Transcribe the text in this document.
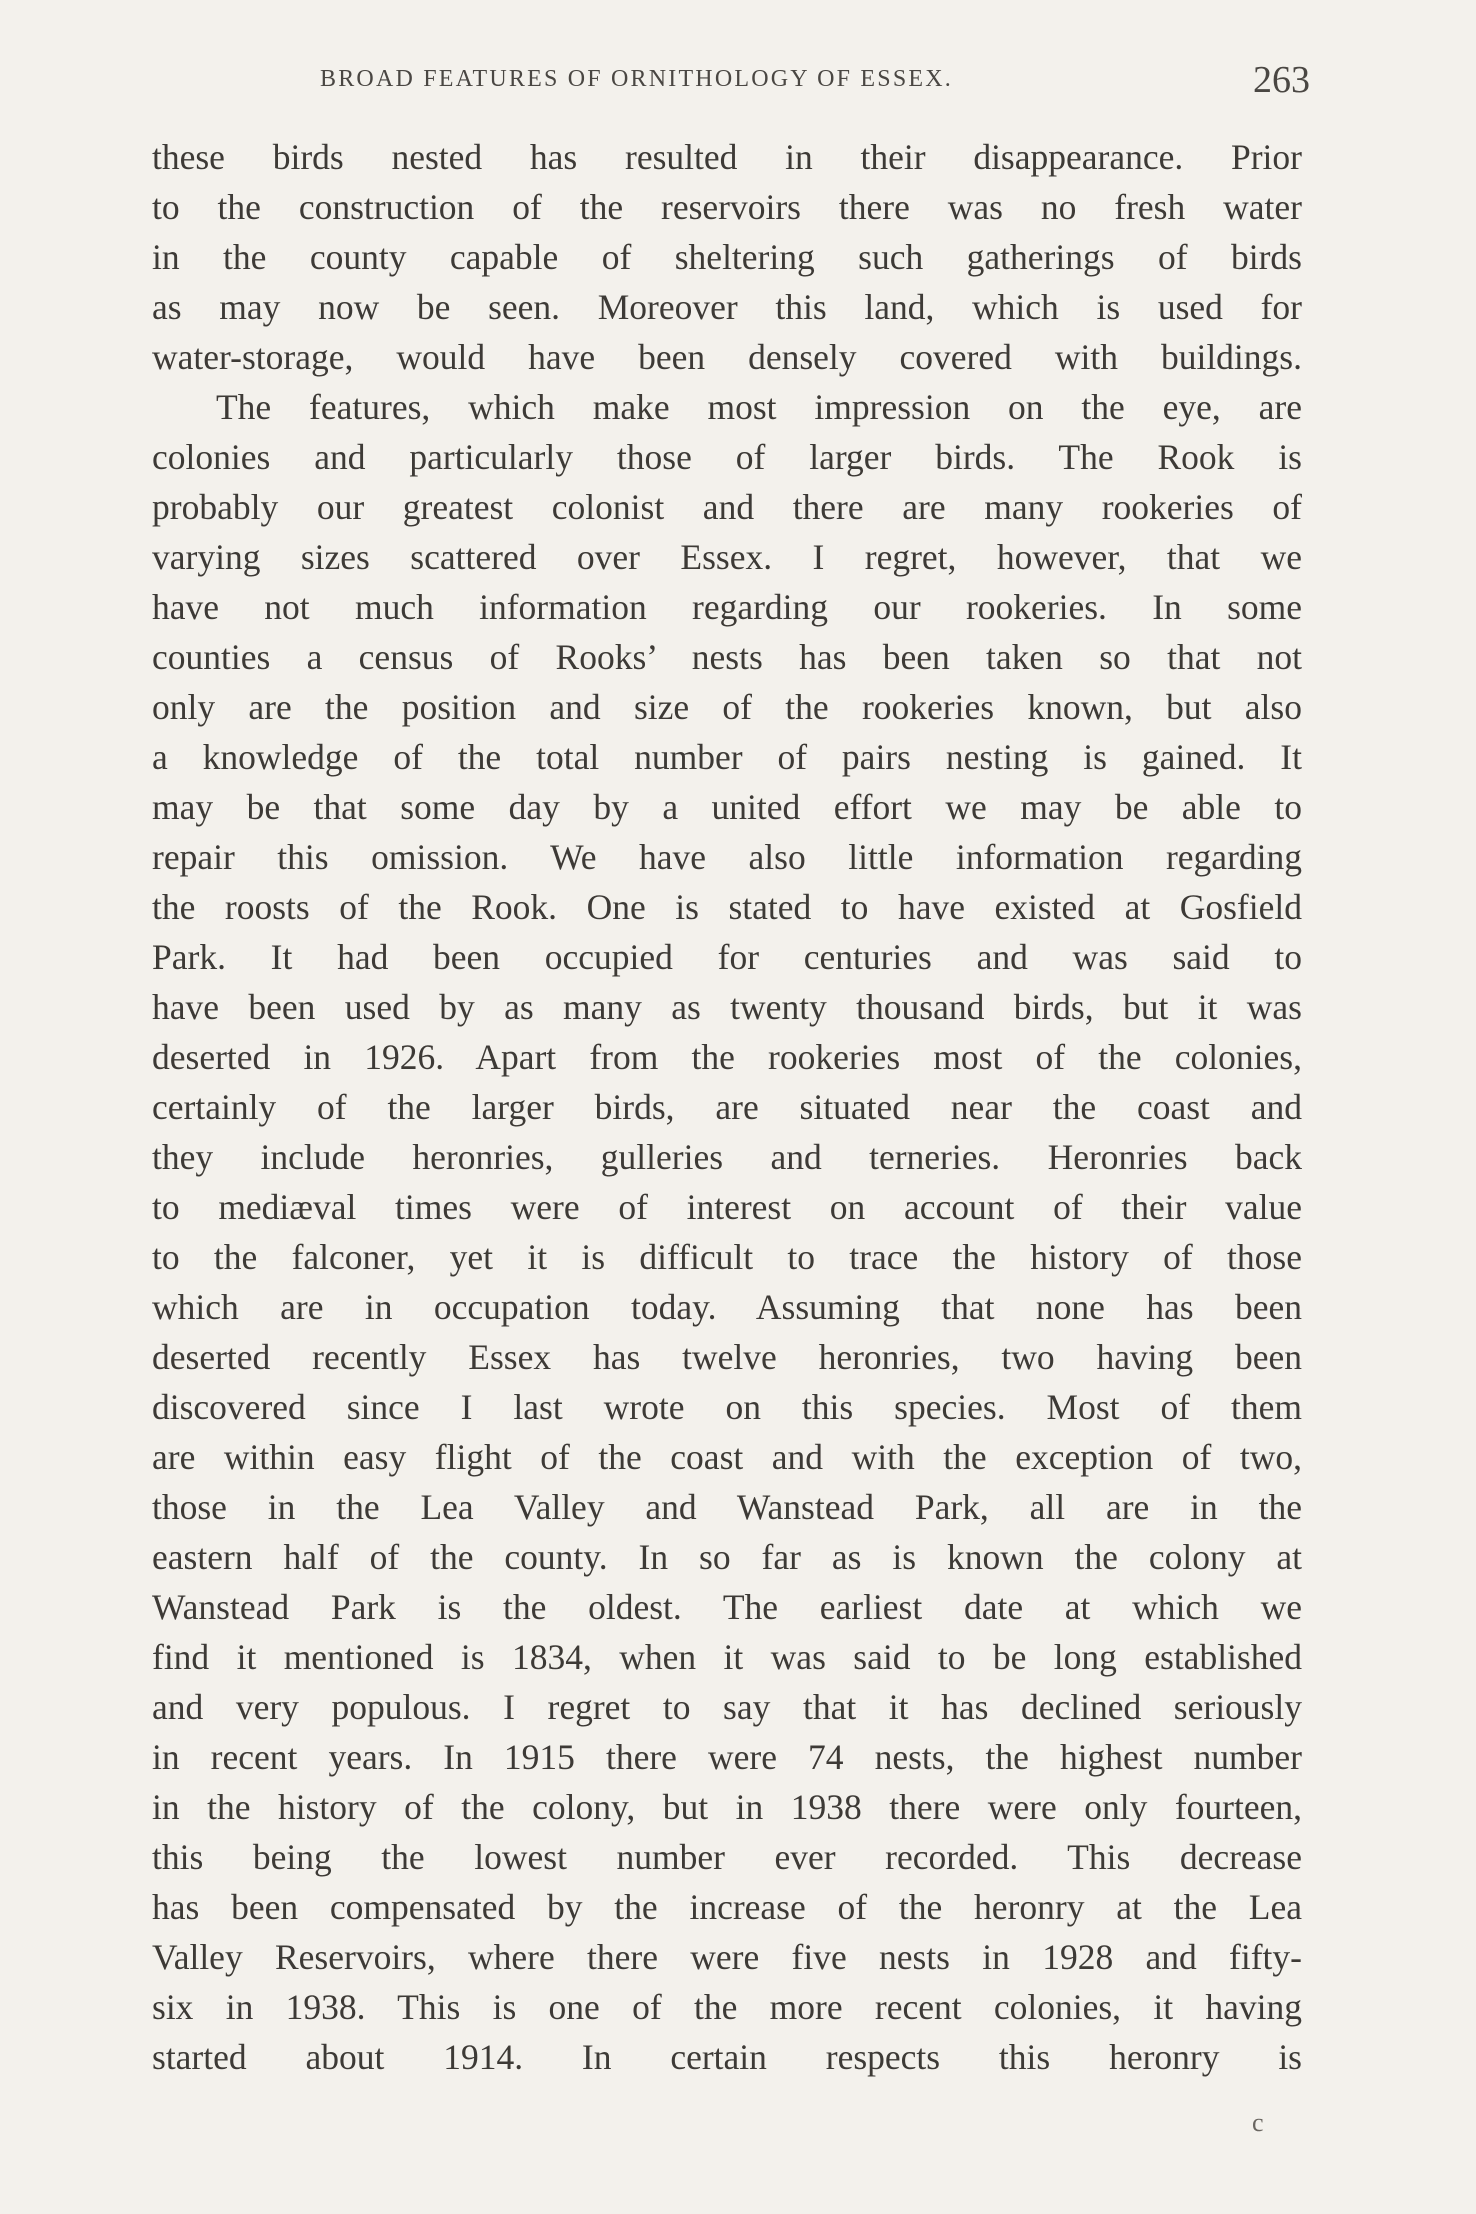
BROAD FEATURES OF ORNITHOLOGY OF ESSEX.	263
these birds nested has resulted in their disappearance. Prior
to the construction of the reservoirs there was no fresh water
in the county capable of sheltering such gatherings of birds
as may now be seen. Moreover this land, which is used for
water-storage, would have been densely covered with buildings.
The features, which make most impression on the eye, are
colonies and particularly those of larger birds. The Rook is
probably our greatest colonist and there are many rookeries of
varying sizes scattered over Essex. I regret, however, that we
have not much information regarding our rookeries. In some
counties a census of Rooks’ nests has been taken so that not
only are the position and size of the rookeries known, but also
a knowledge of the total number of pairs nesting is gained. It
may be that some day by a united effort we may be able to
repair this omission. We have also little information regarding
the roosts of the Rook. One is stated to have existed at Gosfield
Park. It had been occupied for centuries and was said to
have been used by as many as twenty thousand birds, but it was
deserted in 1926. Apart from the rookeries most of the colonies,
certainly of the larger birds, are situated near the coast and
they include heronries, gulleries and terneries. Heronries back
to mediæval times were of interest on account of their value
to the falconer, yet it is difficult to trace the history of those
which are in occupation today. Assuming that none has been
deserted recently Essex has twelve heronries, two having been
discovered since I last wrote on this species. Most of them
are within easy flight of the coast and with the exception of two,
those in the Lea Valley and Wanstead Park, all are in the
eastern half of the county. In so far as is known the colony at
Wanstead Park is the oldest. The earliest date at which we
find it mentioned is 1834, when it was said to be long established
and very populous. I regret to say that it has declined seriously
in recent years. In 1915 there were 74 nests, the highest number
in the history of the colony, but in 1938 there were only fourteen,
this being the lowest number ever recorded. This decrease
has been compensated by the increase of the heronry at the Lea
Valley Reservoirs, where there were five nests in 1928 and fifty-
six in 1938. This is one of the more recent colonies, it having
started about 1914. In certain respects this heronry is
c
